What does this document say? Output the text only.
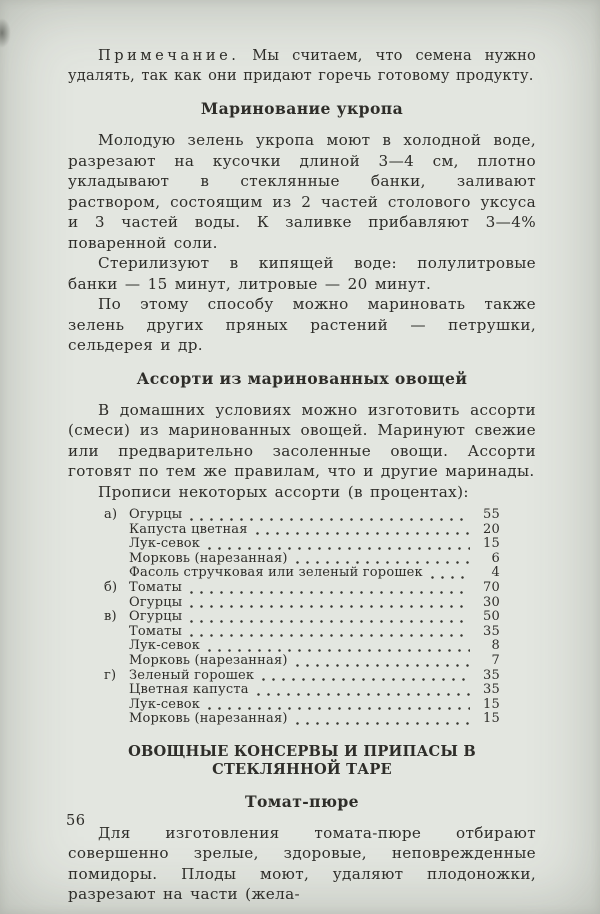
Примечание. Мы считаем, что семена нужно удалять, так как они придают горечь готовому продукту.

Маринование укропа

Молодую зелень укропа моют в холодной воде, разрезают на кусочки длиной 3—4 см, плотно укладывают в стеклянные банки, заливают раствором, состоящим из 2 частей столового уксуса и 3 частей воды. К заливке прибавляют 3—4% поваренной соли.

Стерилизуют в кипящей воде: полулитровые банки — 15 минут, литровые — 20 минут.

По этому способу можно мариновать также зелень других пряных растений — петрушки, сельдерея и др.

Ассорти из маринованных овощей

В домашних условиях можно изготовить ассорти (смеси) из маринованных овощей. Маринуют свежие или предварительно засоленные овощи. Ассорти готовят по тем же правилам, что и другие маринады.

Прописи некоторых ассорти (в процентах):

а) Огурцы	55
Капуста цветная	20
Лук-севок	15
Морковь (нарезанная)	6
Фасоль стручковая или зеленый горошек	4
б) Томаты	70
Огурцы	30
в) Огурцы	50
Томаты	35
Лук-севок	8
Морковь (нарезанная)	7
г) Зеленый горошек	35
Цветная капуста	35
Лук-севок	15
Морковь (нарезанная)	15
ОВОЩНЫЕ КОНСЕРВЫ И ПРИПАСЫ В СТЕКЛЯННОЙ ТАРЕ
Томат-пюре

Для изготовления томата-пюре отбирают совершенно зрелые, здоровые, неповрежденные помидоры. Плоды моют, удаляют плодоножки, разрезают на части (жела-

56
